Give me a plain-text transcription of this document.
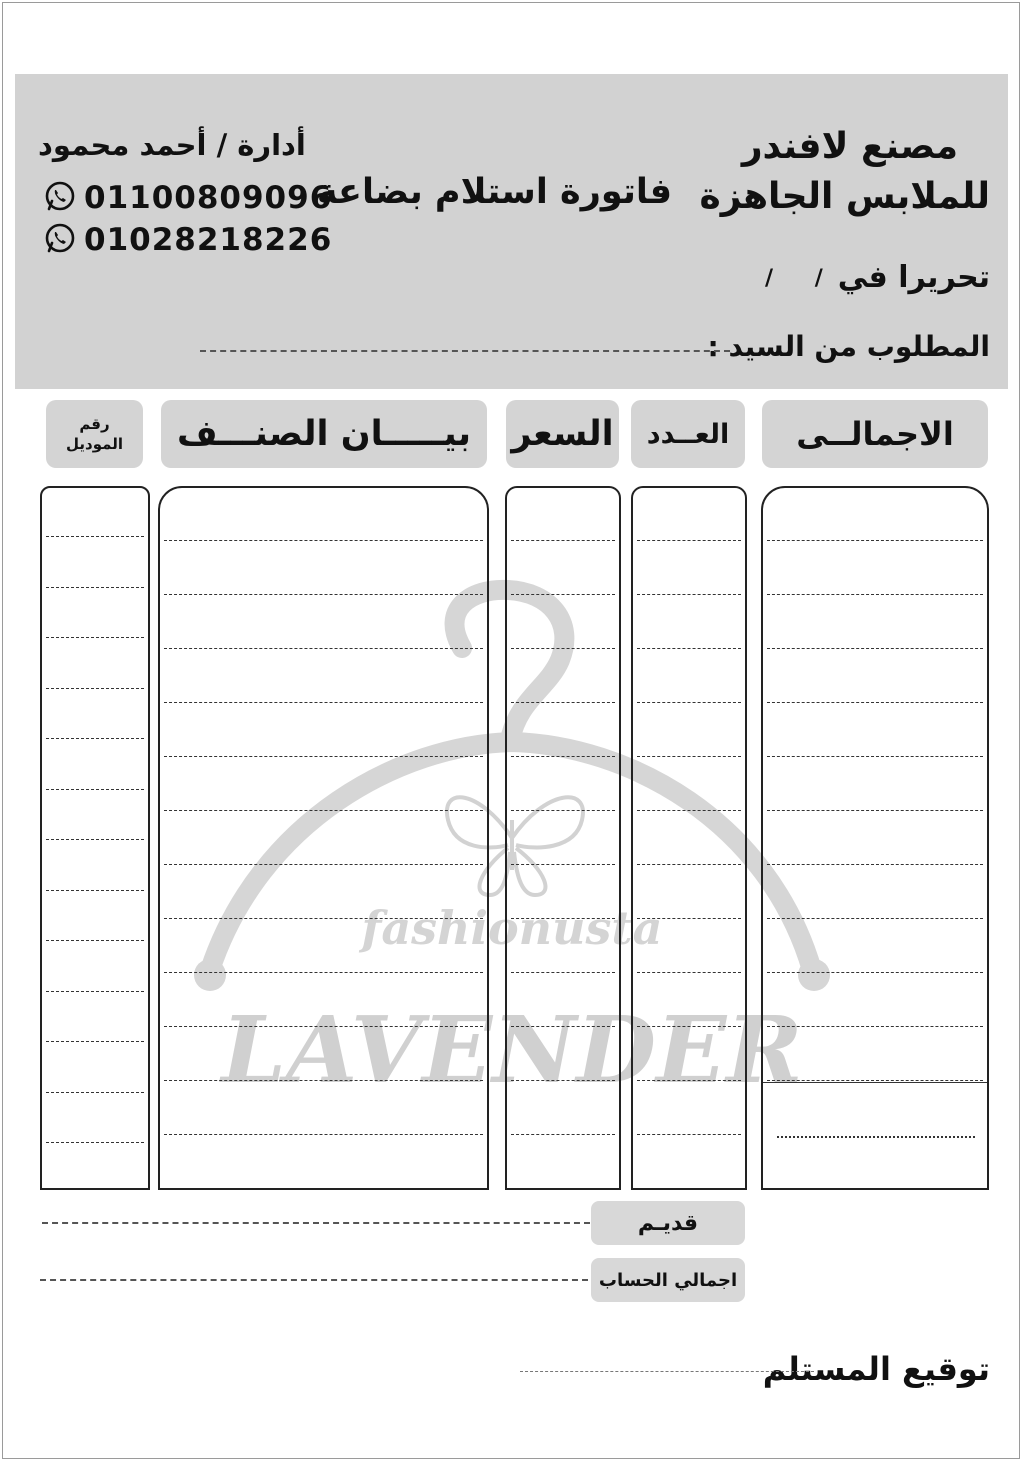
مصنع لافندر
للملابس الجاهزة
فاتورة استلام بضاعة
أدارة / أحمد محمود
01100809096
01028218226
تحريرا في
/ /
المطلوب من السيد :
fashionusta
LAVENDER
الاجمالــى
العــدد
السعر
بيـــــان الصنـــف
رقم
الموديل
قديـم
اجمالي الحساب
توقيع المستلم
